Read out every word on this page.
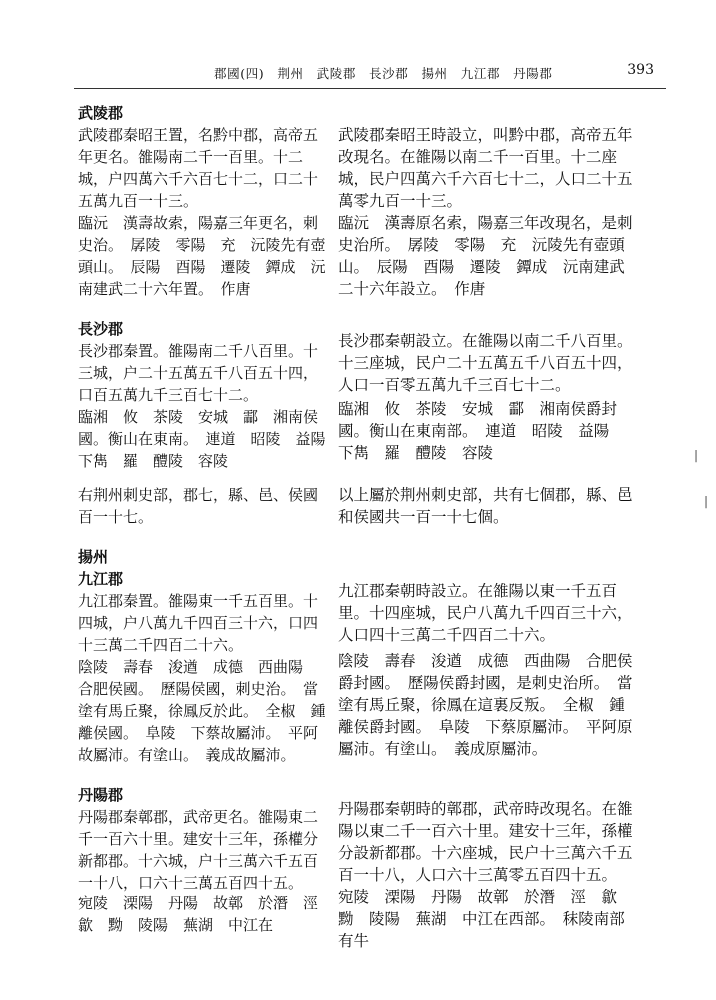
郡國(四)　荆州　武陵郡　長沙郡　揚州　九江郡　丹陽郡	393
武陵郡
武陵郡秦昭王置，名黔中郡，高帝五年更名。雒陽南二千一百里。十二城，户四萬六千六百七十二，口二十五萬九百一十三。
臨沅　漢壽故索，陽嘉三年更名，刺史治。　孱陵　零陽　充　沅陵先有壺頭山。　辰陽　酉陽　遷陵　鐔成　沅南建武二十六年置。　作唐
長沙郡
長沙郡秦置。雒陽南二千八百里。十三城，户二十五萬五千八百五十四，口百五萬九千三百七十二。
臨湘　攸　茶陵　安城　酃　湘南侯國。衡山在東南。　連道　昭陵　益陽　下雋　羅　醴陵　容陵
右荆州刺史部，郡七，縣、邑、侯國百一十七。
揚州
九江郡
九江郡秦置。雒陽東一千五百里。十四城，户八萬九千四百三十六，口四十三萬二千四百二十六。
陰陵　壽春　浚遒　成德　西曲陽　合肥侯國。　歷陽侯國，刺史治。　當塗有馬丘聚，徐鳳反於此。　全椒　鍾離侯國。　阜陵　下蔡故屬沛。　平阿故屬沛。有塗山。　義成故屬沛。
丹陽郡
丹陽郡秦鄣郡，武帝更名。雒陽東二千一百六十里。建安十三年，孫權分新都郡。十六城，户十三萬六千五百一十八，口六十三萬五百四十五。
宛陵　溧陽　丹陽　故鄣　於潛　涇　歙　黝　陵陽　蕪湖　中江在
武陵郡秦昭王時設立，叫黔中郡，高帝五年改現名。在雒陽以南二千一百里。十二座城，民户四萬六千六百七十二，人口二十五萬零九百一十三。
臨沅　漢壽原名索，陽嘉三年改現名，是刺史治所。　孱陵　零陽　充　沅陵先有壺頭山。　辰陽　酉陽　遷陵　鐔成　沅南建武二十六年設立。　作唐
長沙郡秦朝設立。在雒陽以南二千八百里。十三座城，民户二十五萬五千八百五十四，人口一百零五萬九千三百七十二。
臨湘　攸　茶陵　安城　酃　湘南侯爵封國。衡山在東南部。　連道　昭陵　益陽　下雋　羅　醴陵　容陵
以上屬於荆州刺史部，共有七個郡，縣、邑和侯國共一百一十七個。
九江郡秦朝時設立。在雒陽以東一千五百里。十四座城，民户八萬九千四百三十六，人口四十三萬二千四百二十六。
陰陵　壽春　浚遒　成德　西曲陽　合肥侯爵封國。　歷陽侯爵封國，是刺史治所。　當塗有馬丘聚，徐鳳在這裏反叛。　全椒　鍾離侯爵封國。　阜陵　下蔡原屬沛。　平阿原屬沛。有塗山。　義成原屬沛。
丹陽郡秦朝時的鄣郡，武帝時改現名。在雒陽以東二千一百六十里。建安十三年，孫權分設新都郡。十六座城，民户十三萬六千五百一十八，人口六十三萬零五百四十五。
宛陵　溧陽　丹陽　故鄣　於潛　涇　歙　黝　陵陽　蕪湖　中江在西部。　秣陵南部有牛
|
|
